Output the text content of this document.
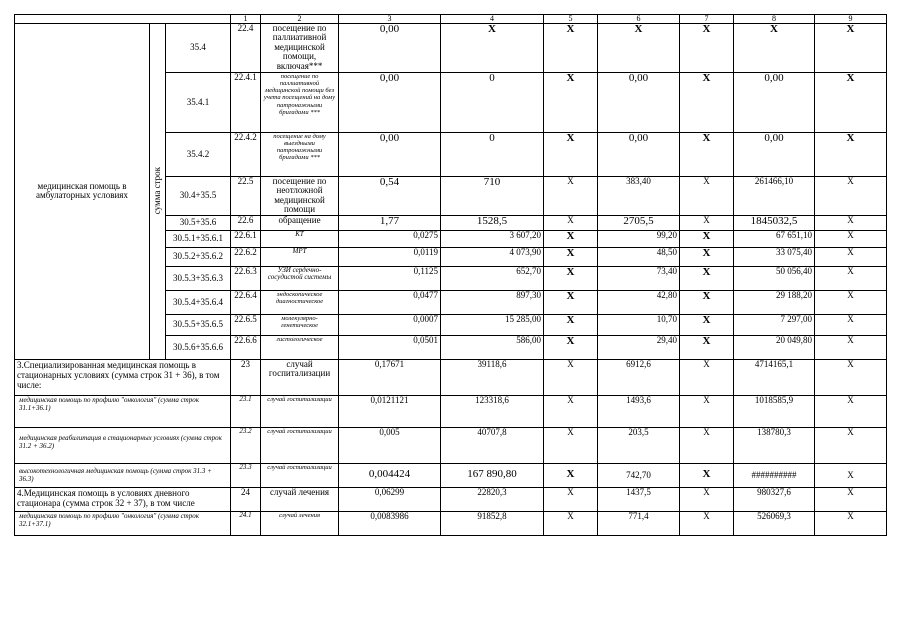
			1	2	3	4	5	6	7	8	9
медицинская помощь в амбулаторных условиях	сумма строк	35.4	22.4	посещение по паллиативной медицинской помощи, включая***	0,00	X	X	X	X	X	X
		35.4.1	22.4.1	посещение по паллиативной медицинской помощи без учета посещений на дому патронажными бригадами ***	0,00	0	X	0,00	X	0,00	X
		35.4.2	22.4.2	посещение на дому выездными патронажными бригадами ***	0,00	0	X	0,00	X	0,00	X
		30.4+35.5	22.5	посещение по неотложной медицинской помощи	0,54	710	X	383,40	X	261466,10	X
		30.5+35.6	22.6	обращение	1,77	1528,5	X	2705,5	X	1845032,5	X
		30.5.1+35.6.1	22.6.1	КТ	0,0275	3 607,20	X	99,20	X	67 651,10	X
		30.5.2+35.6.2	22.6.2	МРТ	0,0119	4 073,90	X	48,50	X	33 075,40	X
		30.5.3+35.6.3	22.6.3	УЗИ сердечно-сосудистой системы	0,1125	652,70	X	73,40	X	50 056,40	X
		30.5.4+35.6.4	22.6.4	эндоскопическое диагностическое	0,0477	897,30	X	42,80	X	29 188,20	X
		30.5.5+35.6.5	22.6.5	молекулярно-генетическое	0,0007	15 285,00	X	10,70	X	7 297,00	X
		30.5.6+35.6.6	22.6.6	гистологическое	0,0501	586,00	X	29,40	X	20 049,80	X
3.Специализированная медицинская помощь в стационарных условиях (сумма строк 31 + 36), в том числе:			23	случай госпитализации	0,17671	39118,6	X	6912,6	X	4714165,1	X
медицинская помощь по профилю "онкология" (сумма строк 31.1+36.1)			23.1	случай госпитализации	0,0121121	123318,6	X	1493,6	X	1018585,9	X
медицинская реабилитация в стационарных условиях (сумма строк 31.2 + 36.2)			23.2	случай госпитализации	0,005	40707,8	X	203,5	X	138780,3	X
высокотехнологичная медицинская помощь (сумма строк 31.3 + 36.3)			23.3	случай госпитализации	0,004424	167 890,80	X	742,70	X	##########	X
4.Медицинская помощь в условиях дневного стационара (сумма строк 32 + 37), в том числе			24	случай лечения	0,06299	22820,3	X	1437,5	X	980327,6	X
медицинская помощь по профилю "онкология" (сумма строк 32.1+37.1)			24.1	случай лечения	0,0083986	91852,8	X	771,4	X	526069,3	X
